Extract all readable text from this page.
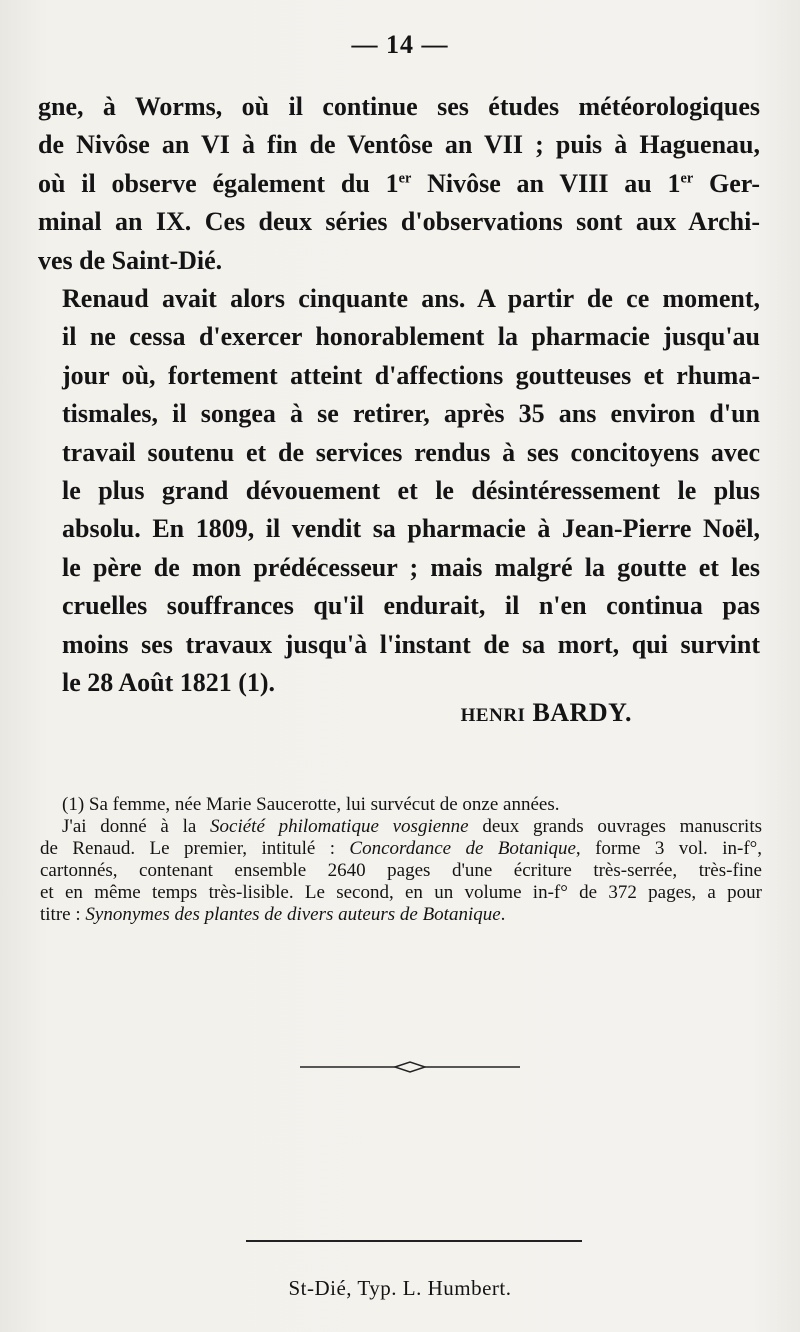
— 14 —

gne, à Worms, où il continue ses études météorologiques
de Nivôse an VI à fin de Ventôse an VII ; puis à Haguenau,
où il observe également du 1er Nivôse an VIII au 1er Ger-
minal an IX. Ces deux séries d'observations sont aux Archi-
ves de Saint-Dié.

Renaud avait alors cinquante ans. A partir de ce moment,
il ne cessa d'exercer honorablement la pharmacie jusqu'au
jour où, fortement atteint d'affections goutteuses et rhuma-
tismales, il songea à se retirer, après 35 ans environ d'un
travail soutenu et de services rendus à ses concitoyens avec
le plus grand dévouement et le désintéressement le plus
absolu. En 1809, il vendit sa pharmacie à Jean-Pierre Noël,
le père de mon prédécesseur ; mais malgré la goutte et les
cruelles souffrances qu'il endurait, il n'en continua pas
moins ses travaux jusqu'à l'instant de sa mort, qui survint
le 28 Août 1821 (1).

HENRI BARDY.

(1) Sa femme, née Marie Saucerotte, lui survécut de onze années.

J'ai donné à la Société philomatique vosgienne deux grands ouvrages manuscrits
de Renaud. Le premier, intitulé : Concordance de Botanique, forme 3 vol. in-f°,
cartonnés, contenant ensemble 2640 pages d'une écriture très-serrée, très-fine
et en même temps très-lisible. Le second, en un volume in-f° de 372 pages, a pour
titre : Synonymes des plantes de divers auteurs de Botanique.

St-Dié, Typ. L. Humbert.
